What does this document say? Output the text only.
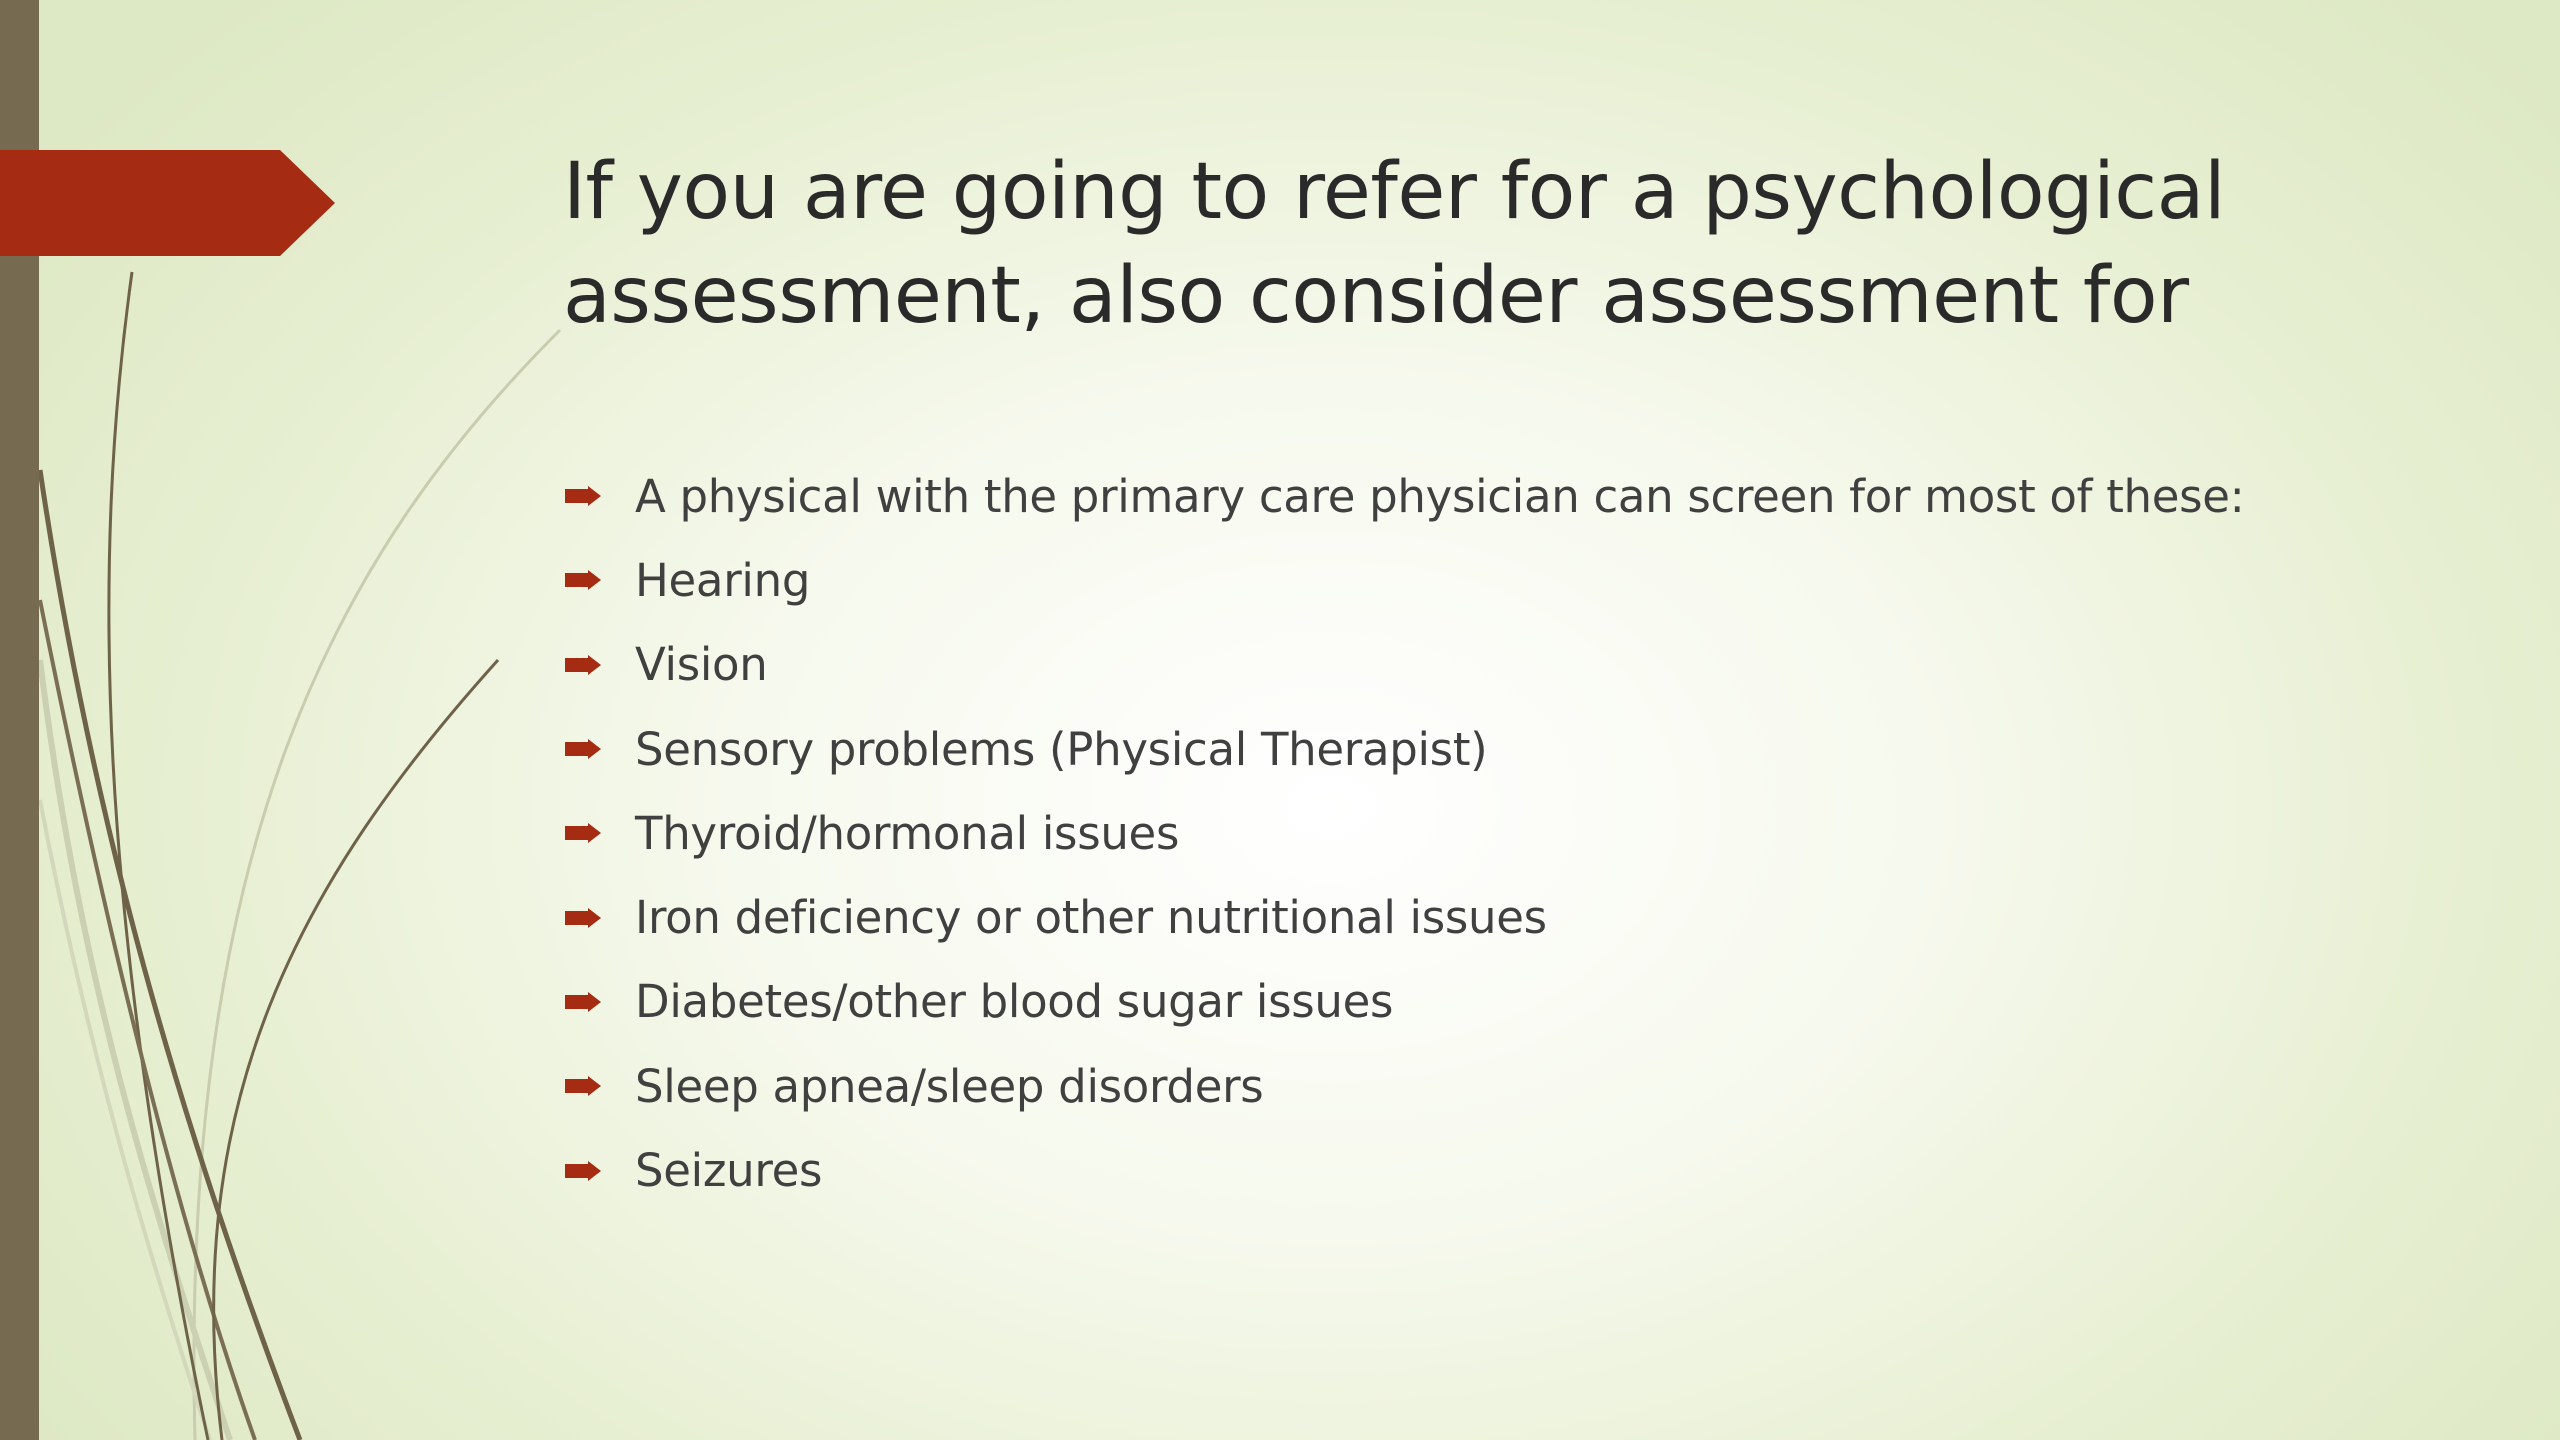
If you are going to refer for a psychological assessment, also consider assessment for
A physical with the primary care physician can screen for most of these:
Hearing
Vision
Sensory problems (Physical Therapist)
Thyroid/hormonal issues
Iron deficiency or other nutritional issues
Diabetes/other blood sugar issues
Sleep apnea/sleep disorders
Seizures
